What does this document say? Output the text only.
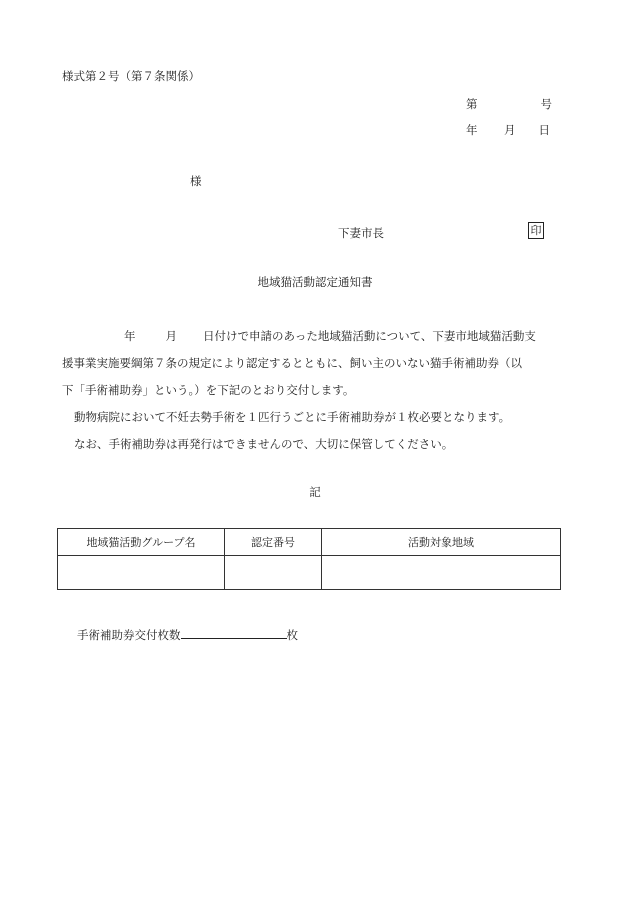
様式第２号（第７条関係）
第	号
年 月 日
様
下妻市長	印
地域猫活動認定通知書

年	月 日付けで申請のあった地域猫活動について、下妻市地域猫活動支

援事業実施要綱第７条の規定により認定するとともに、飼い主のいない猫手術補助券（以

下「手術補助券」という。）を下記のとおり交付します。

動物病院において不妊去勢手術を１匹行うごとに手術補助券が１枚必要となります。

なお、手術補助券は再発行はできませんので、大切に保管してください。

記
地域猫活動グループ名	認定番号	活動対象地域

手術補助券交付枚数	枚
